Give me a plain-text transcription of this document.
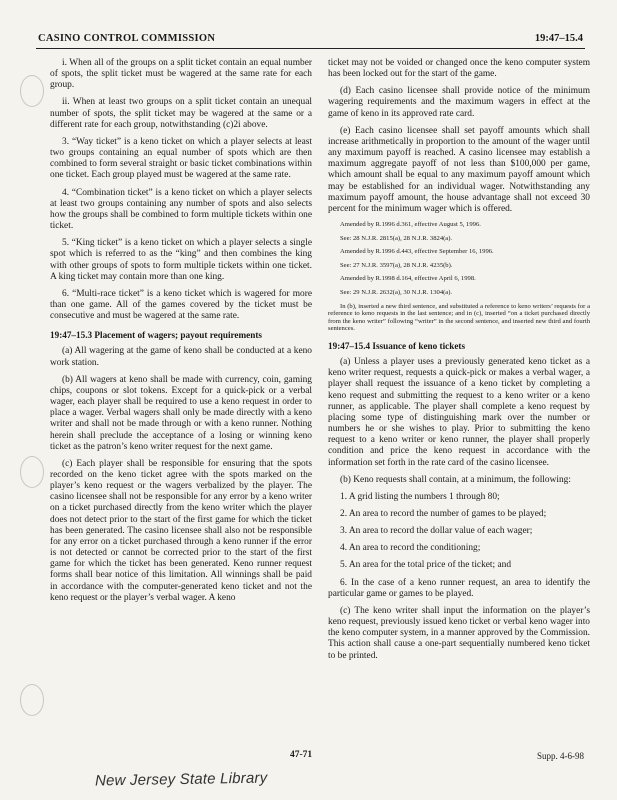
CASINO CONTROL COMMISSION	19:47–15.4

i. When all of the groups on a split ticket contain an equal number of spots, the split ticket must be wagered at the same rate for each group.

ii. When at least two groups on a split ticket contain an unequal number of spots, the split ticket may be wagered at the same or a different rate for each group, notwithstanding (c)2i above.

3. “Way ticket” is a keno ticket on which a player selects at least two groups containing an equal number of spots which are then combined to form several straight or basic ticket combinations within one ticket. Each group played must be wagered at the same rate.

4. “Combination ticket” is a keno ticket on which a player selects at least two groups containing any number of spots and also selects how the groups shall be combined to form multiple tickets within one ticket.

5. “King ticket” is a keno ticket on which a player selects a single spot which is referred to as the “king” and then combines the king with other groups of spots to form multiple tickets within one ticket. A king ticket may contain more than one king.

6. “Multi-race ticket” is a keno ticket which is wagered for more than one game. All of the games covered by the ticket must be consecutive and must be wagered at the same rate.

19:47–15.3 Placement of wagers; payout requirements

(a) All wagering at the game of keno shall be conducted at a keno work station.

(b) All wagers at keno shall be made with currency, coin, gaming chips, coupons or slot tokens. Except for a quick-pick or a verbal wager, each player shall be required to use a keno request in order to place a wager. Verbal wagers shall only be made directly with a keno writer and shall not be made through or with a keno runner. Nothing herein shall preclude the acceptance of a losing or winning keno ticket as the patron’s keno writer request for the next game.

(c) Each player shall be responsible for ensuring that the spots recorded on the keno ticket agree with the spots marked on the player’s keno request or the wagers verbalized by the player. The casino licensee shall not be responsible for any error by a keno writer on a ticket purchased directly from the keno writer which the player does not detect prior to the start of the first game for which the ticket has been generated. The casino licensee shall also not be responsible for any error on a ticket purchased through a keno runner if the error is not detected or cannot be corrected prior to the start of the first game for which the ticket has been generated. Keno runner request forms shall bear notice of this limitation. All winnings shall be paid in accordance with the computer-generated keno ticket and not the keno request or the player’s verbal wager. A keno

ticket may not be voided or changed once the keno computer system has been locked out for the start of the game.

(d) Each casino licensee shall provide notice of the minimum wagering requirements and the maximum wagers in effect at the game of keno in its approved rate card.

(e) Each casino licensee shall set payoff amounts which shall increase arithmetically in proportion to the amount of the wager until any maximum payoff is reached. A casino licensee may establish a maximum aggregate payoff of not less than $100,000 per game, which amount shall be equal to any maximum payoff amount which may be established for an individual wager. Notwithstanding any maximum payoff amount, the house advantage shall not exceed 30 percent for the minimum wager which is offered.

Amended by R.1996 d.361, effective August 5, 1996.

See: 28 N.J.R. 2815(a), 28 N.J.R. 3824(a).

Amended by R.1996 d.443, effective September 16, 1996.

See: 27 N.J.R. 3597(a), 28 N.J.R. 4235(b).

Amended by R.1998 d.164, effective April 6, 1998.

See: 29 N.J.R. 2632(a), 30 N.J.R. 1304(a).

In (b), inserted a new third sentence, and substituted a reference to keno writers’ requests for a reference to keno requests in the last sentence; and in (c), inserted “on a ticket purchased directly from the keno writer” following “writer” in the second sentence, and inserted new third and fourth sentences.

19:47–15.4 Issuance of keno tickets

(a) Unless a player uses a previously generated keno ticket as a keno writer request, requests a quick-pick or makes a verbal wager, a player shall request the issuance of a keno ticket by completing a keno request and submitting the request to a keno writer or a keno runner, as applicable. The player shall complete a keno request by placing some type of distinguishing mark over the number or numbers he or she wishes to play. Prior to submitting the keno request to a keno writer or keno runner, the player shall properly condition and price the keno request in accordance with the information set forth in the rate card of the casino licensee.

(b) Keno requests shall contain, at a minimum, the following:

1. A grid listing the numbers 1 through 80;

2. An area to record the number of games to be played;

3. An area to record the dollar value of each wager;

4. An area to record the conditioning;

5. An area for the total price of the ticket; and

6. In the case of a keno runner request, an area to identify the particular game or games to be played.

(c) The keno writer shall input the information on the player’s keno request, previously issued keno ticket or verbal keno wager into the keno computer system, in a manner approved by the Commission. This action shall cause a one-part sequentially numbered keno ticket to be printed.

47-71	Supp. 4-6-98
New Jersey State Library
